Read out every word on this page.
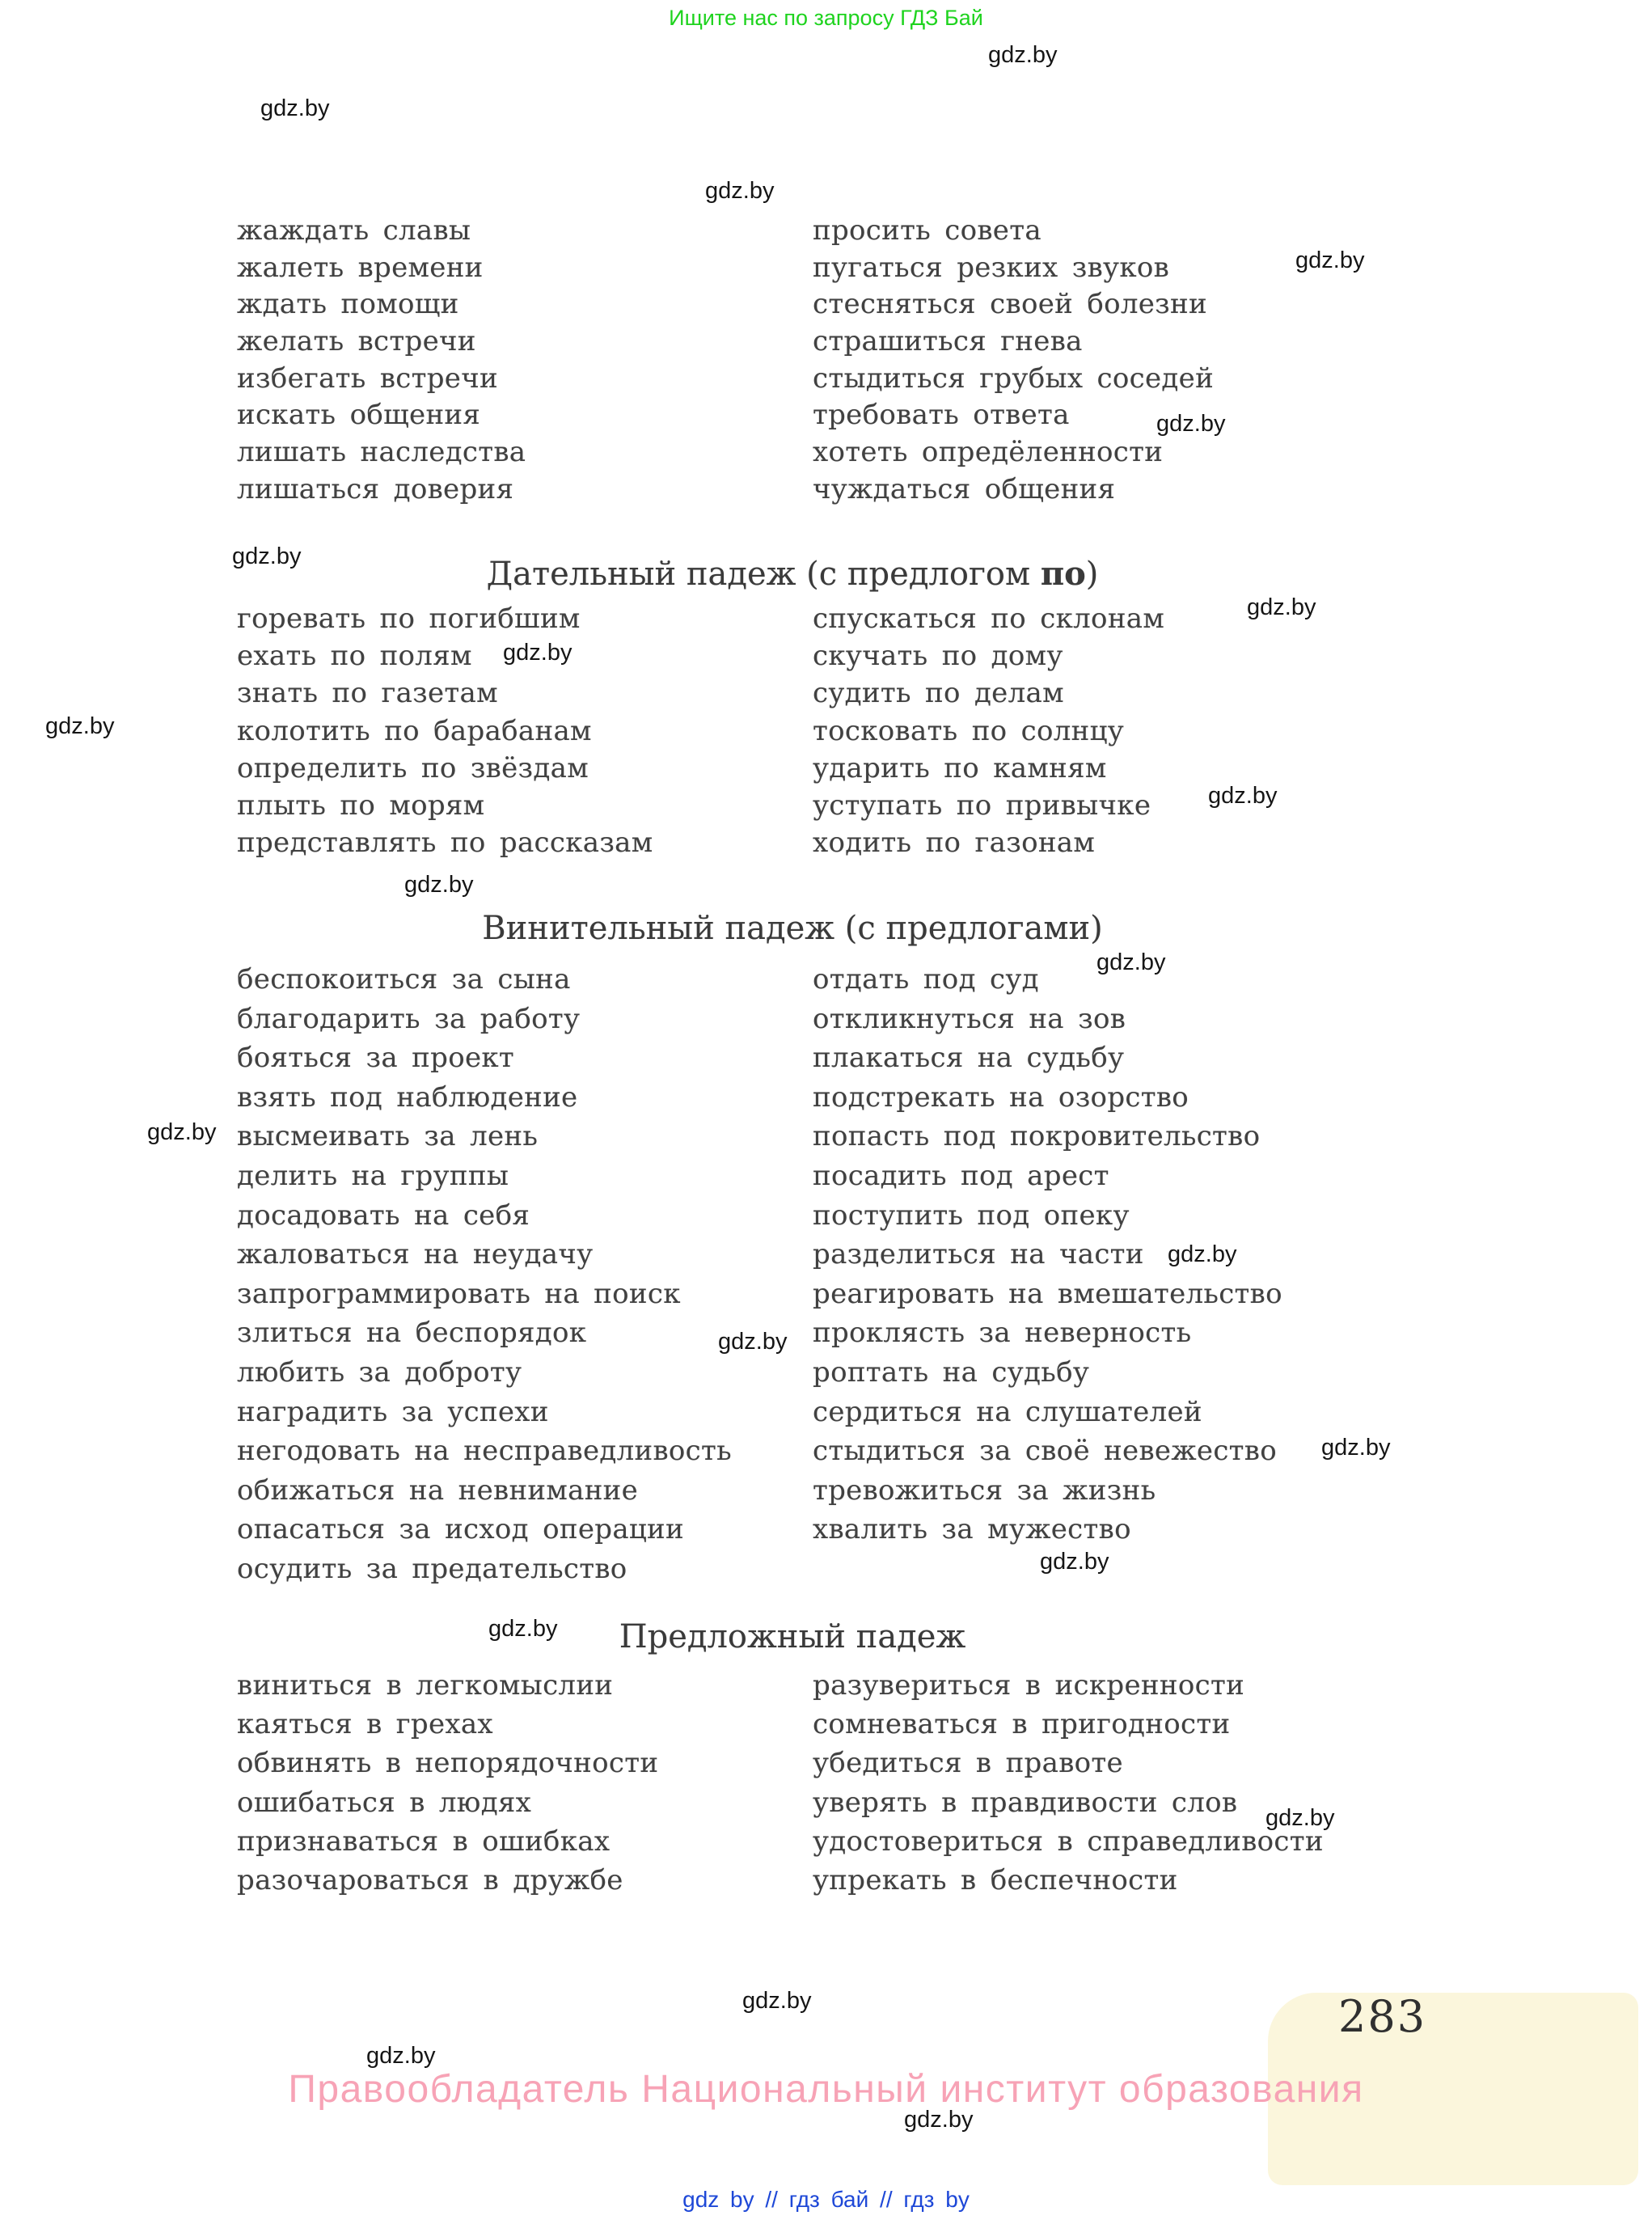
Ищите нас по запросу ГДЗ Бай
gdz.by
gdz.by
gdz.by
gdz.by
gdz.by
gdz.by
gdz.by
gdz.by
gdz.by
gdz.by
gdz.by
gdz.by
gdz.by
gdz.by
gdz.by
gdz.by
gdz.by
gdz.by
gdz.by
gdz.by
gdz.by
gdz.by
жаждать славы
жалеть времени
ждать помощи
желать встречи
избегать встречи
искать общения
лишать наследства
лишаться доверия
просить совета
пугаться резких звуков
стесняться своей болезни
страшиться гнева
стыдиться грубых соседей
требовать ответа
хотеть опредёленности
чуждаться общения
Дательный падеж (с предлогом по)
горевать по погибшим
ехать по полям
знать по газетам
колотить по барабанам
определить по звёздам
плыть по морям
представлять по рассказам
спускаться по склонам
скучать по дому
судить по делам
тосковать по солнцу
ударить по камням
уступать по привычке
ходить по газонам
Винительный падеж (с предлогами)
беспокоиться за сына
благодарить за работу
бояться за проект
взять под наблюдение
высмеивать за лень
делить на группы
досадовать на себя
жаловаться на неудачу
запрограммировать на поиск
злиться на беспорядок
любить за доброту
наградить за успехи
негодовать на несправедливость
обижаться на невнимание
опасаться за исход операции
осудить за предательство
отдать под суд
откликнуться на зов
плакаться на судьбу
подстрекать на озорство
попасть под покровительство
посадить под арест
поступить под опеку
разделиться на части
реагировать на вмешательство
проклясть за неверность
роптать на судьбу
сердиться на слушателей
стыдиться за своё невежество
тревожиться за жизнь
хвалить за мужество
Предложный падеж
виниться в легкомыслии
каяться в грехах
обвинять в непорядочности
ошибаться в людях
признаваться в ошибках
разочароваться в дружбе
разувериться в искренности
сомневаться в пригодности
убедиться в правоте
уверять в правдивости слов
удостовериться в справедливости
упрекать в беспечности
283
Правообладатель Национальный институт образования
gdz by // гдз бай // гдз by
